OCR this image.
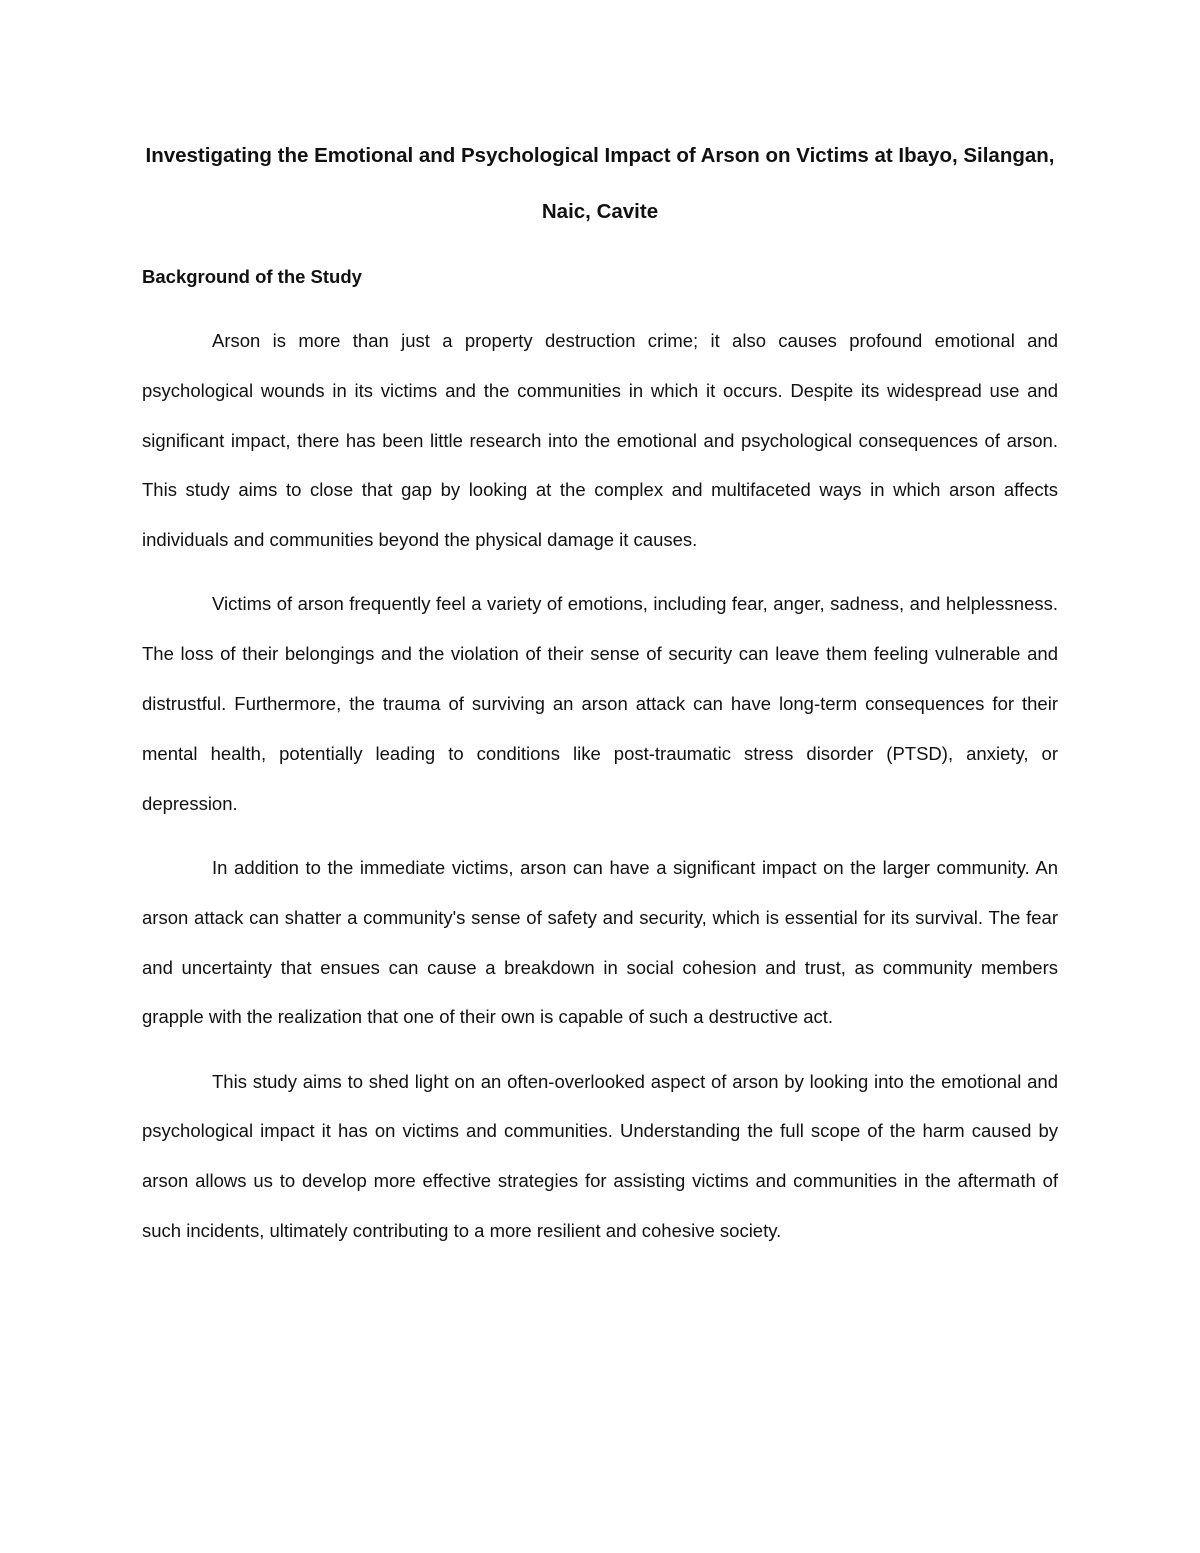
Investigating the Emotional and Psychological Impact of Arson on Victims at Ibayo, Silangan, Naic, Cavite
Background of the Study

Arson is more than just a property destruction crime; it also causes profound emotional and psychological wounds in its victims and the communities in which it occurs. Despite its widespread use and significant impact, there has been little research into the emotional and psychological consequences of arson. This study aims to close that gap by looking at the complex and multifaceted ways in which arson affects individuals and communities beyond the physical damage it causes.

Victims of arson frequently feel a variety of emotions, including fear, anger, sadness, and helplessness. The loss of their belongings and the violation of their sense of security can leave them feeling vulnerable and distrustful. Furthermore, the trauma of surviving an arson attack can have long-term consequences for their mental health, potentially leading to conditions like post-traumatic stress disorder (PTSD), anxiety, or depression.

In addition to the immediate victims, arson can have a significant impact on the larger community. An arson attack can shatter a community's sense of safety and security, which is essential for its survival. The fear and uncertainty that ensues can cause a breakdown in social cohesion and trust, as community members grapple with the realization that one of their own is capable of such a destructive act.

This study aims to shed light on an often-overlooked aspect of arson by looking into the emotional and psychological impact it has on victims and communities. Understanding the full scope of the harm caused by arson allows us to develop more effective strategies for assisting victims and communities in the aftermath of such incidents, ultimately contributing to a more resilient and cohesive society.
